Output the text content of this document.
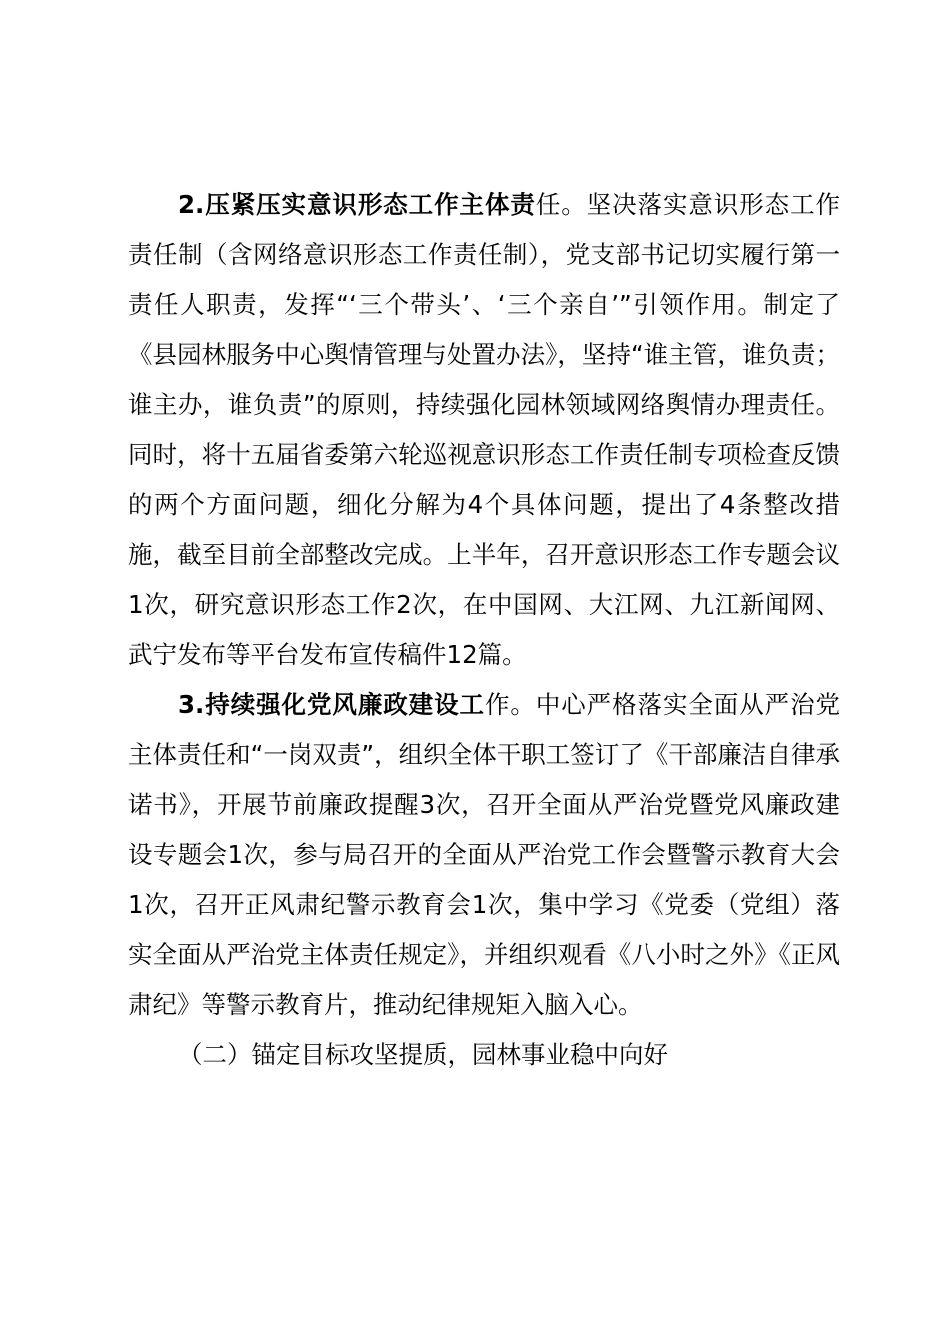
2.压紧压实意识形态工作主体责任。坚决落实意识形态工作责任制（含网络意识形态工作责任制），党支部书记切实履行第一责任人职责，发挥“‘三个带头’、‘三个亲自’”引领作用。制定了《县园林服务中心舆情管理与处置办法》，坚持“谁主管，谁负责；谁主办，谁负责”的原则，持续强化园林领域网络舆情办理责任。同时，将十五届省委第六轮巡视意识形态工作责任制专项检查反馈的两个方面问题，细化分解为4个具体问题，提出了4条整改措施，截至目前全部整改完成。上半年，召开意识形态工作专题会议1次，研究意识形态工作2次，在中国网、大江网、九江新闻网、武宁发布等平台发布宣传稿件12篇。

3.持续强化党风廉政建设工作。中心严格落实全面从严治党主体责任和“一岗双责”，组织全体干职工签订了《干部廉洁自律承诺书》，开展节前廉政提醒3次，召开全面从严治党暨党风廉政建设专题会1次，参与局召开的全面从严治党工作会暨警示教育大会1次，召开正风肃纪警示教育会1次，集中学习《党委（党组）落实全面从严治党主体责任规定》，并组织观看《八小时之外》《正风肃纪》等警示教育片，推动纪律规矩入脑入心。

（二）锚定目标攻坚提质，园林事业稳中向好
